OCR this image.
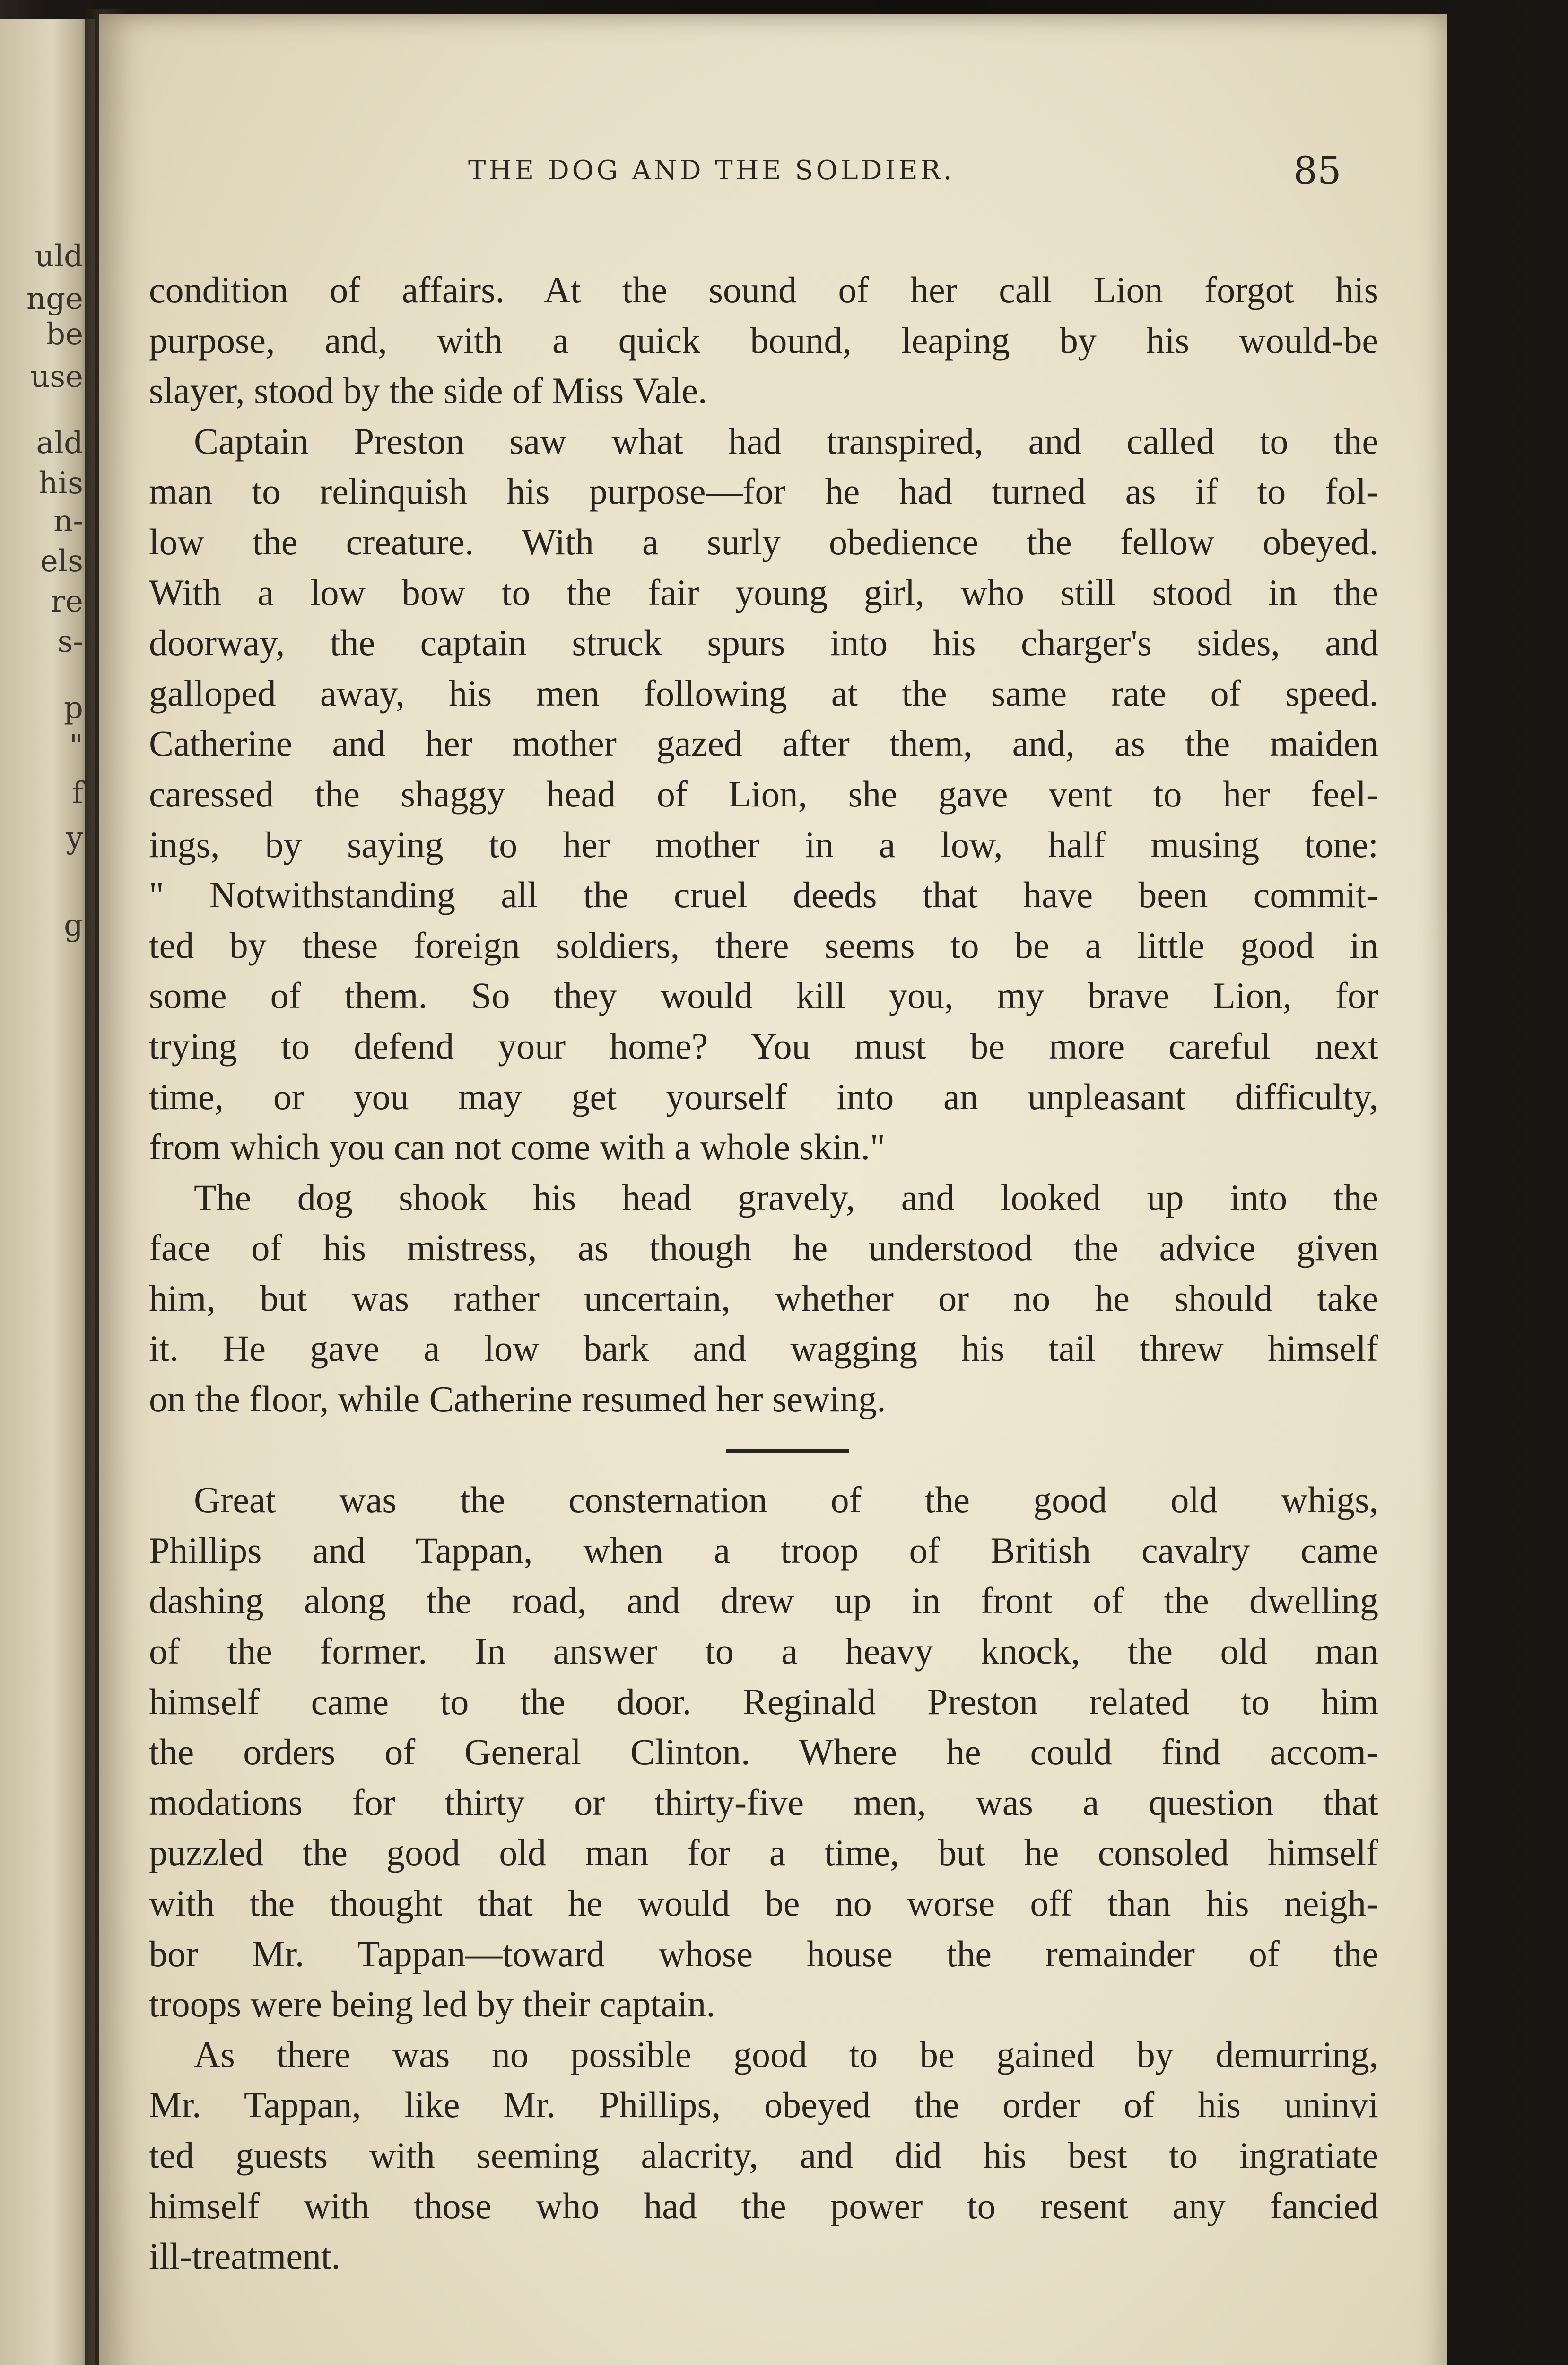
uld
nge
be
use
ald
his
n-
els
re
s-
p
"
f
y
g
THE DOG AND THE SOLDIER.	85
condition of affairs. At the sound of her call Lion forgot his
purpose, and, with a quick bound, leaping by his would-be
slayer, stood by the side of Miss Vale.
Captain Preston saw what had transpired, and called to the
man to relinquish his purpose—for he had turned as if to fol-
low the creature. With a surly obedience the fellow obeyed.
With a low bow to the fair young girl, who still stood in the
doorway, the captain struck spurs into his charger's sides, and
galloped away, his men following at the same rate of speed.
Catherine and her mother gazed after them, and, as the maiden
caressed the shaggy head of Lion, she gave vent to her feel-
ings, by saying to her mother in a low, half musing tone:
" Notwithstanding all the cruel deeds that have been commit-
ted by these foreign soldiers, there seems to be a little good in
some of them. So they would kill you, my brave Lion, for
trying to defend your home? You must be more careful next
time, or you may get yourself into an unpleasant difficulty,
from which you can not come with a whole skin."
The dog shook his head gravely, and looked up into the
face of his mistress, as though he understood the advice given
him, but was rather uncertain, whether or no he should take
it. He gave a low bark and wagging his tail threw himself
on the floor, while Catherine resumed her sewing.
Great was the consternation of the good old whigs,
Phillips and Tappan, when a troop of British cavalry came
dashing along the road, and drew up in front of the dwelling
of the former. In answer to a heavy knock, the old man
himself came to the door. Reginald Preston related to him
the orders of General Clinton. Where he could find accom-
modations for thirty or thirty-five men, was a question that
puzzled the good old man for a time, but he consoled himself
with the thought that he would be no worse off than his neigh-
bor Mr. Tappan—toward whose house the remainder of the
troops were being led by their captain.
As there was no possible good to be gained by demurring,
Mr. Tappan, like Mr. Phillips, obeyed the order of his uninvi
ted guests with seeming alacrity, and did his best to ingratiate
himself with those who had the power to resent any fancied
ill-treatment.
